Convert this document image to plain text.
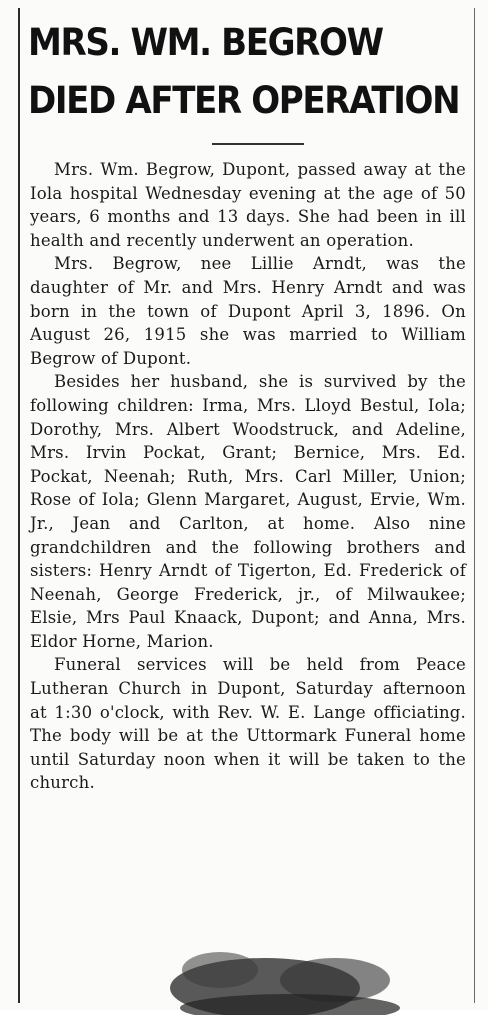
MRS. WM. BEGROW
DIED AFTER OPERATION

Mrs. Wm. Begrow, Dupont, passed away at the Iola hospital Wednesday evening at the age of 50 years, 6 months and 13 days. She had been in ill health and recently underwent an operation.

Mrs. Begrow, nee Lillie Arndt, was the daughter of Mr. and Mrs. Henry Arndt and was born in the town of Dupont April 3, 1896. On August 26, 1915 she was married to William Begrow of Dupont.

Besides her husband, she is survived by the following children: Irma, Mrs. Lloyd Bestul, Iola; Dorothy, Mrs. Albert Woodstruck, and Adeline, Mrs. Irvin Pockat, Grant; Bernice, Mrs. Ed. Pockat, Neenah; Ruth, Mrs. Carl Miller, Union; Rose of Iola; Glenn Margaret, August, Ervie, Wm. Jr., Jean and Carlton, at home. Also nine grandchildren and the following brothers and sisters: Henry Arndt of Tigerton, Ed. Frederick of Neenah, George Frederick, jr., of Milwaukee; Elsie, Mrs Paul Knaack, Dupont; and Anna, Mrs. Eldor Horne, Marion.

Funeral services will be held from Peace Lutheran Church in Dupont, Saturday afternoon at 1:30 o'clock, with Rev. W. E. Lange officiating. The body will be at the Uttormark Funeral home until Saturday noon when it will be taken to the church.
